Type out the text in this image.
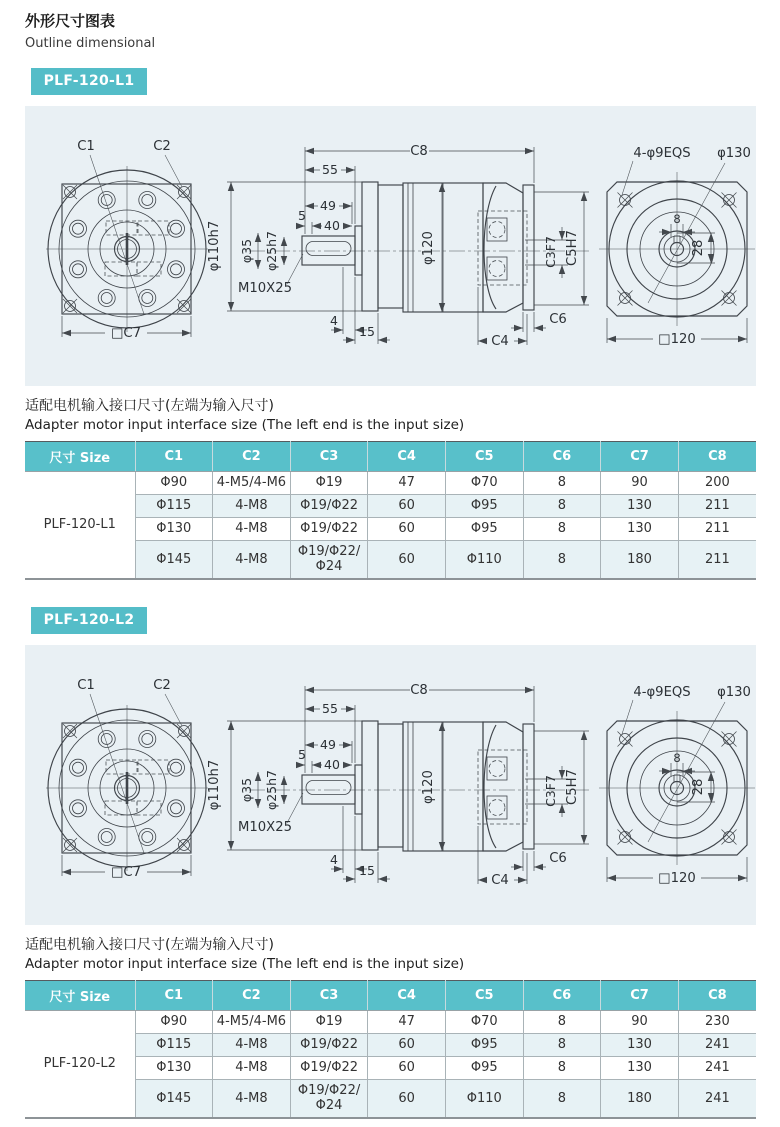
外形尺寸图表
Outline dimensional
PLF-120-L1
C1	C2
□C7
C8
55
49
5
40
φ35 φ25h7
M10X25
φ110h7	φ120	C3F7 C5H7
4
15
C4
C6
4-φ9EQS φ130
8
28
□120

适配电机输入接口尺寸(左端为输入尺寸)

Adapter motor input interface size (The left end is the input size)

尺寸 Size	C1	C2	C3	C4	C5	C6	C7	C8
PLF-120-L1	Φ90	4-M5/4-M6	Φ19	47	Φ70	8	90	200
	Φ115	4-M8	Φ19/Φ22	60	Φ95	8	130	211
	Φ130	4-M8	Φ19/Φ22	60	Φ95	8	130	211
	Φ145	4-M8	Φ19/Φ22/Φ24	60	Φ110	8	180	211
PLF-120-L2

适配电机输入接口尺寸(左端为输入尺寸)

Adapter motor input interface size (The left end is the input size)

尺寸 Size	C1	C2	C3	C4	C5	C6	C7	C8
PLF-120-L2	Φ90	4-M5/4-M6	Φ19	47	Φ70	8	90	230
	Φ115	4-M8	Φ19/Φ22	60	Φ95	8	130	241
	Φ130	4-M8	Φ19/Φ22	60	Φ95	8	130	241
	Φ145	4-M8	Φ19/Φ22/Φ24	60	Φ110	8	180	241
